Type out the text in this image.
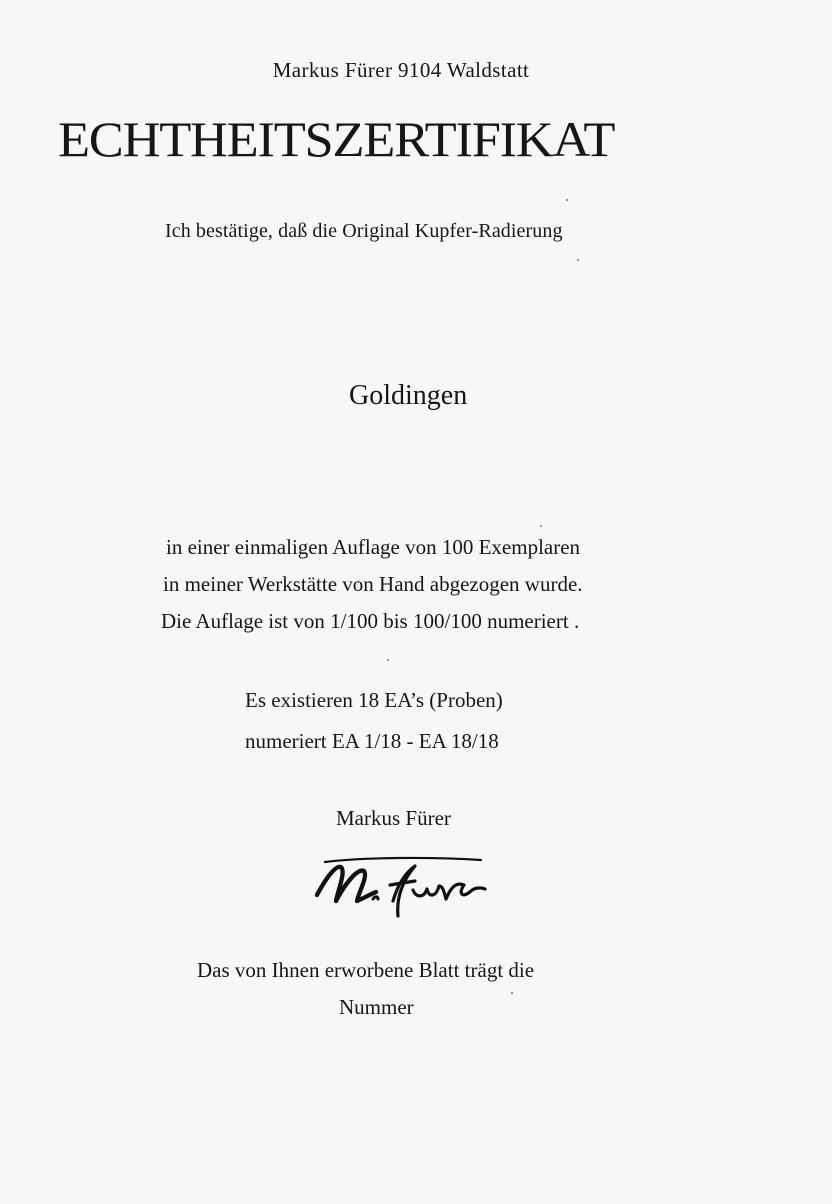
Markus Fürer 9104 Waldstatt

ECHTHEITSZERTIFIKAT

Ich bestätige, daß die Original Kupfer-Radierung

Goldingen

in einer einmaligen Auflage von 100 Exemplaren

in meiner Werkstätte von Hand abgezogen wurde.

Die Auflage ist von 1/100 bis 100/100 numeriert .

Es existieren 18 EA’s (Proben)

numeriert EA 1/18 - EA 18/18

Markus Fürer

Das von Ihnen erworbene Blatt trägt die

Nummer
